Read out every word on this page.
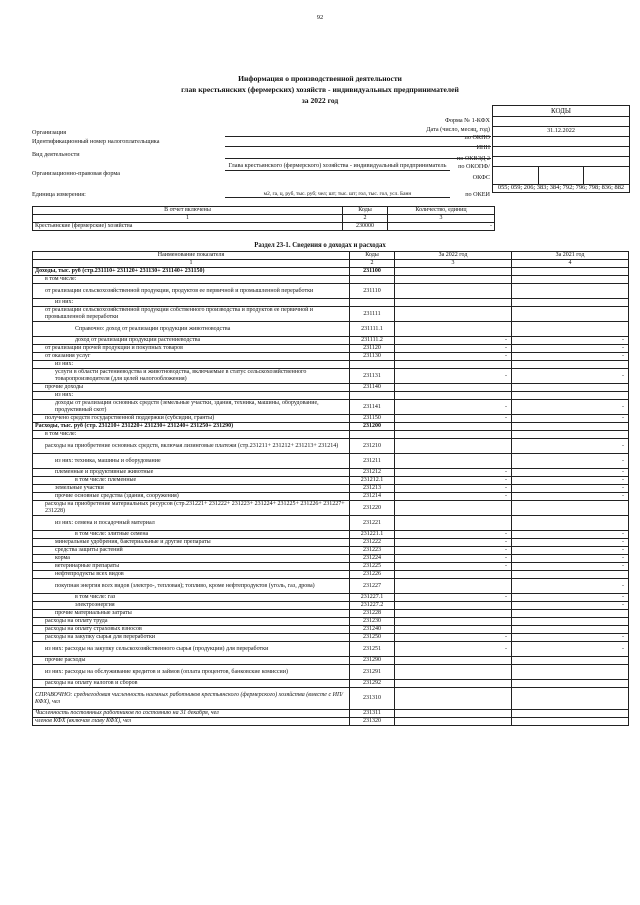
92
Информация о производственной деятельности
глав крестьянских (фермерских) хозяйств - индивидуальных предпринимателей
за 2022 год
КОДЫ
Форма № 1-КФХ
Дата (число, месяц, год)	31.12.2022
по ОКПО
ИНН
по ОКВЭД 2
Организация
Идентификационный номер налогоплательщика
Вид деятельности
Организационно-правовая форма
Глава крестьянского (фермерского) хозяйства - индивидуальный предприниматель	по ОКОПФ/
ОКФС
Единица измерения:	м2, га, ц, руб, тыс. руб; чел; шт; тыс. шт; гол, тыс. гол, усл. Банн	по ОКЕИ
055; 059; 206; 383; 384; 792; 796; 798; 836; 882
В отчет включены	Коды	Количество, единиц
1	2	3
Крестьянские (фермерские) хозяйства	230000	-
Раздел 23-1. Сведения о доходах и расходах
Наименование показателя	Коды	За 2022 год	За 2021 год
1	2	3	4
Доходы, тыс. руб (стр.231110+ 231120+ 231130+ 231140+ 231150)	231100		
в том числе:			
от реализации сельскохозяйственной продукции, продуктов ее первичной и промышленной переработки	231110		
из них:			
от реализации сельскохозяйственной продукции собственного производства и продуктов ее первичной и промышленной переработки	231111		
Справочно: доход от реализации продукции животноводства	231111.1		
доход от реализации продукции растениеводства	231111.2	-	-
от реализации прочей продукции и покупных товаров	231120	-	-
от оказания услуг	231130	-	-
из них:			
услуги в области растениеводства и животноводства, включаемые в статус сельскохозяйственного товаропроизводителя (для целей налогообложения)	231131	-	-
прочие доходы	231140		
из них:			
доходы от реализации основных средств (земельные участки, здания, техника, машины, оборудование, продуктивный скот)	231141	-	-
получено средств государственной поддержки (субсидии, гранты)	231150	-	-
Расходы, тыс. руб (стр. 231210+ 231220+ 231230+ 231240+ 231250+ 231290)	231200		
в том числе:			
расходы на приобретение основных средств, включая лизинговые платежи (стр.231211+ 231212+ 231213+ 231214)	231210		-
из них: техника, машины и оборудование	231211		-
племенные и продуктивные животные	231212	-	-
в том числе: племенные	231212.1	-	-
земельные участки	231213	-	-
прочие основные средства (здания, сооружения)	231214	-	-
расходы на приобретение материальных ресурсов (стр.231221+ 231222+ 231223+ 231224+ 231225+ 231226+ 231227+ 231228)	231220		
из них: семена и посадочный материал	231221		
в том числе: элитные семена	231221.1	-	-
минеральные удобрения, бактериальные и другие препараты	231222	-	-
средства защиты растений	231223	-	-
корма	231224	-	-
ветеринарные препараты	231225	-	-
нефтепродукты всех видов	231226		
покупная энергия всех видов (электро-, тепловая); топливо, кроме нефтепродуктов (уголь, газ, дрова)	231227		-
в том числе: газ	231227.1	-	-
электроэнергия	231227.2		-
прочие материальные затраты	231228		
расходы на оплату труда	231230		
расходы на оплату страховых взносов	231240		
расходы на закупку сырья для переработки	231250	-	-
из них: расходы на закупку сельскохозяйственного сырья (продукции) для переработки	231251	-	-
прочие расходы	231290		
из них: расходы на обслуживание кредитов и займов (оплата процентов, банковские комиссии)	231291		
расходы на оплату налогов и сборов	231292		
СПРАВОЧНО: среднегодовая численность наемных работников крестьянского (фермерского) хозяйства (вместе с ИП/КФХ), чел	231310		
Численность постоянных работников по состоянию на 31 декабря, чел	231311		
членов КФХ (включая главу КФХ), чел	231320		
